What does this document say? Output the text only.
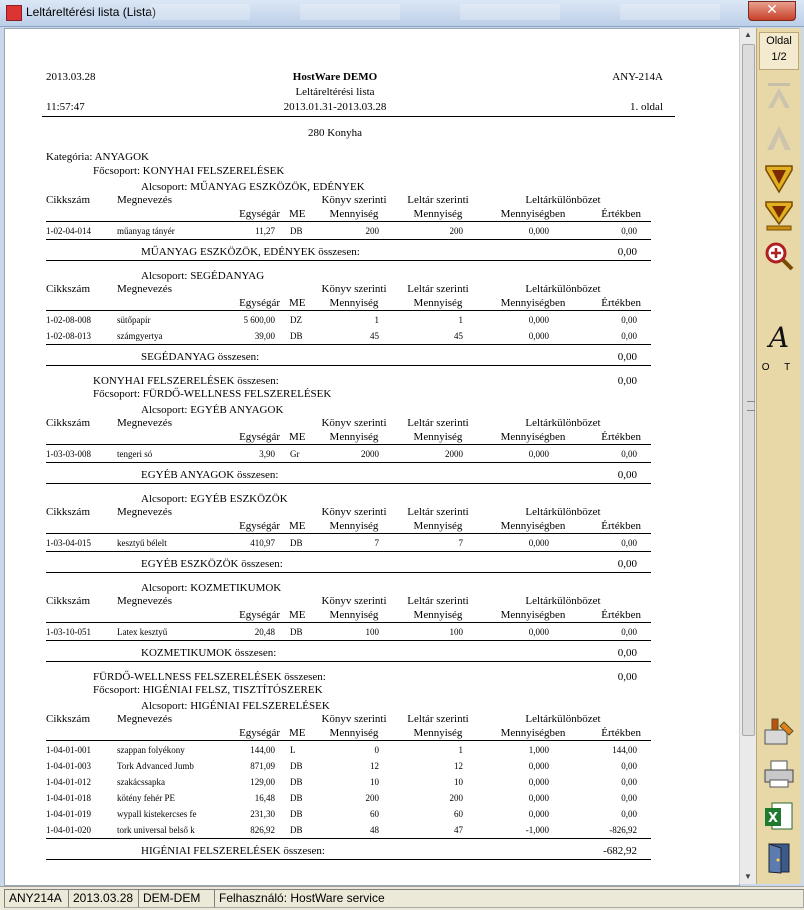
Leltáreltérési lista (Lista)	✕
2013.03.28
11:57:47
HostWare DEMO
Leltáreltérési lista
2013.01.31-2013.03.28
ANY-214A
1. oldal
280 Konyha
Kategória: ANYAGOK
Főcsoport: KONYHAI FELSZERELÉSEK
Alcsoport: MŰANYAG ESZKÖZÖK, EDÉNYEK
Cikkszám Megnevezés	Könyv szerinti	Leltár szerinti	Leltárkülönbözet
Egységár ME	Mennyiség	Mennyiség	Mennyiségben	Értékben
1-02-04-014	műanyag tányér	11,27 DB	200	200	0,000	0,00
MŰANYAG ESZKÖZÖK, EDÉNYEK összesen:	0,00
Alcsoport: SEGÉDANYAG
Cikkszám Megnevezés	Könyv szerinti	Leltár szerinti	Leltárkülönbözet
Egységár ME	Mennyiség	Mennyiség	Mennyiségben	Értékben
1-02-08-008	sütőpapír	5 600,00 DZ	1	1	0,000	0,00
1-02-08-013	számgyertya	39,00 DB	45	45	0,000	0,00
SEGÉDANYAG összesen:	0,00
KONYHAI FELSZERELÉSEK összesen:	0,00
Főcsoport: FÜRDŐ-WELLNESS FELSZERELÉSEK
Alcsoport: EGYÉB ANYAGOK
Cikkszám Megnevezés	Könyv szerinti	Leltár szerinti	Leltárkülönbözet
Egységár ME	Mennyiség	Mennyiség	Mennyiségben	Értékben
1-03-03-008	tengeri só	3,90 Gr	2000	2000	0,000	0,00
EGYÉB ANYAGOK összesen:	0,00
Alcsoport: EGYÉB ESZKÖZÖK
Cikkszám Megnevezés	Könyv szerinti	Leltár szerinti	Leltárkülönbözet
Egységár ME	Mennyiség	Mennyiség	Mennyiségben	Értékben
1-03-04-015	kesztyű bélelt	410,97 DB	7	7	0,000	0,00
EGYÉB ESZKÖZÖK összesen:	0,00
Alcsoport: KOZMETIKUMOK
Cikkszám Megnevezés	Könyv szerinti	Leltár szerinti	Leltárkülönbözet
Egységár ME	Mennyiség	Mennyiség	Mennyiségben	Értékben
1-03-10-051	Latex kesztyű	20,48 DB	100	100	0,000	0,00
KOZMETIKUMOK összesen:	0,00
FÜRDŐ-WELLNESS FELSZERELÉSEK összesen:	0,00
Főcsoport: HIGÉNIAI FELSZ, TISZTÍTÓSZEREK
Alcsoport: HIGÉNIAI FELSZERELÉSEK
Cikkszám Megnevezés	Könyv szerinti	Leltár szerinti	Leltárkülönbözet
Egységár ME	Mennyiség	Mennyiség	Mennyiségben	Értékben
1-04-01-001	szappan folyékony	144,00 L	0	1	1,000	144,00
1-04-01-003	Tork Advanced Jumb	871,09 DB	12	12	0,000	0,00
1-04-01-012	szakácssapka	129,00 DB	10	10	0,000	0,00
1-04-01-018	kötény fehér PE	16,48 DB	200	200	0,000	0,00
1-04-01-019	wypall kistekercses fe	231,30 DB	60	60	0,000	0,00
1-04-01-020	tork universal belső k	826,92 DB	48	47	-1,000	-826,92
HIGÉNIAI FELSZERELÉSEK összesen:	-682,92
▲
▼
Oldal
1/2
A
O T
X
ANY214A 2013.03.28 DEM-DEM	Felhasználó: HostWare service
